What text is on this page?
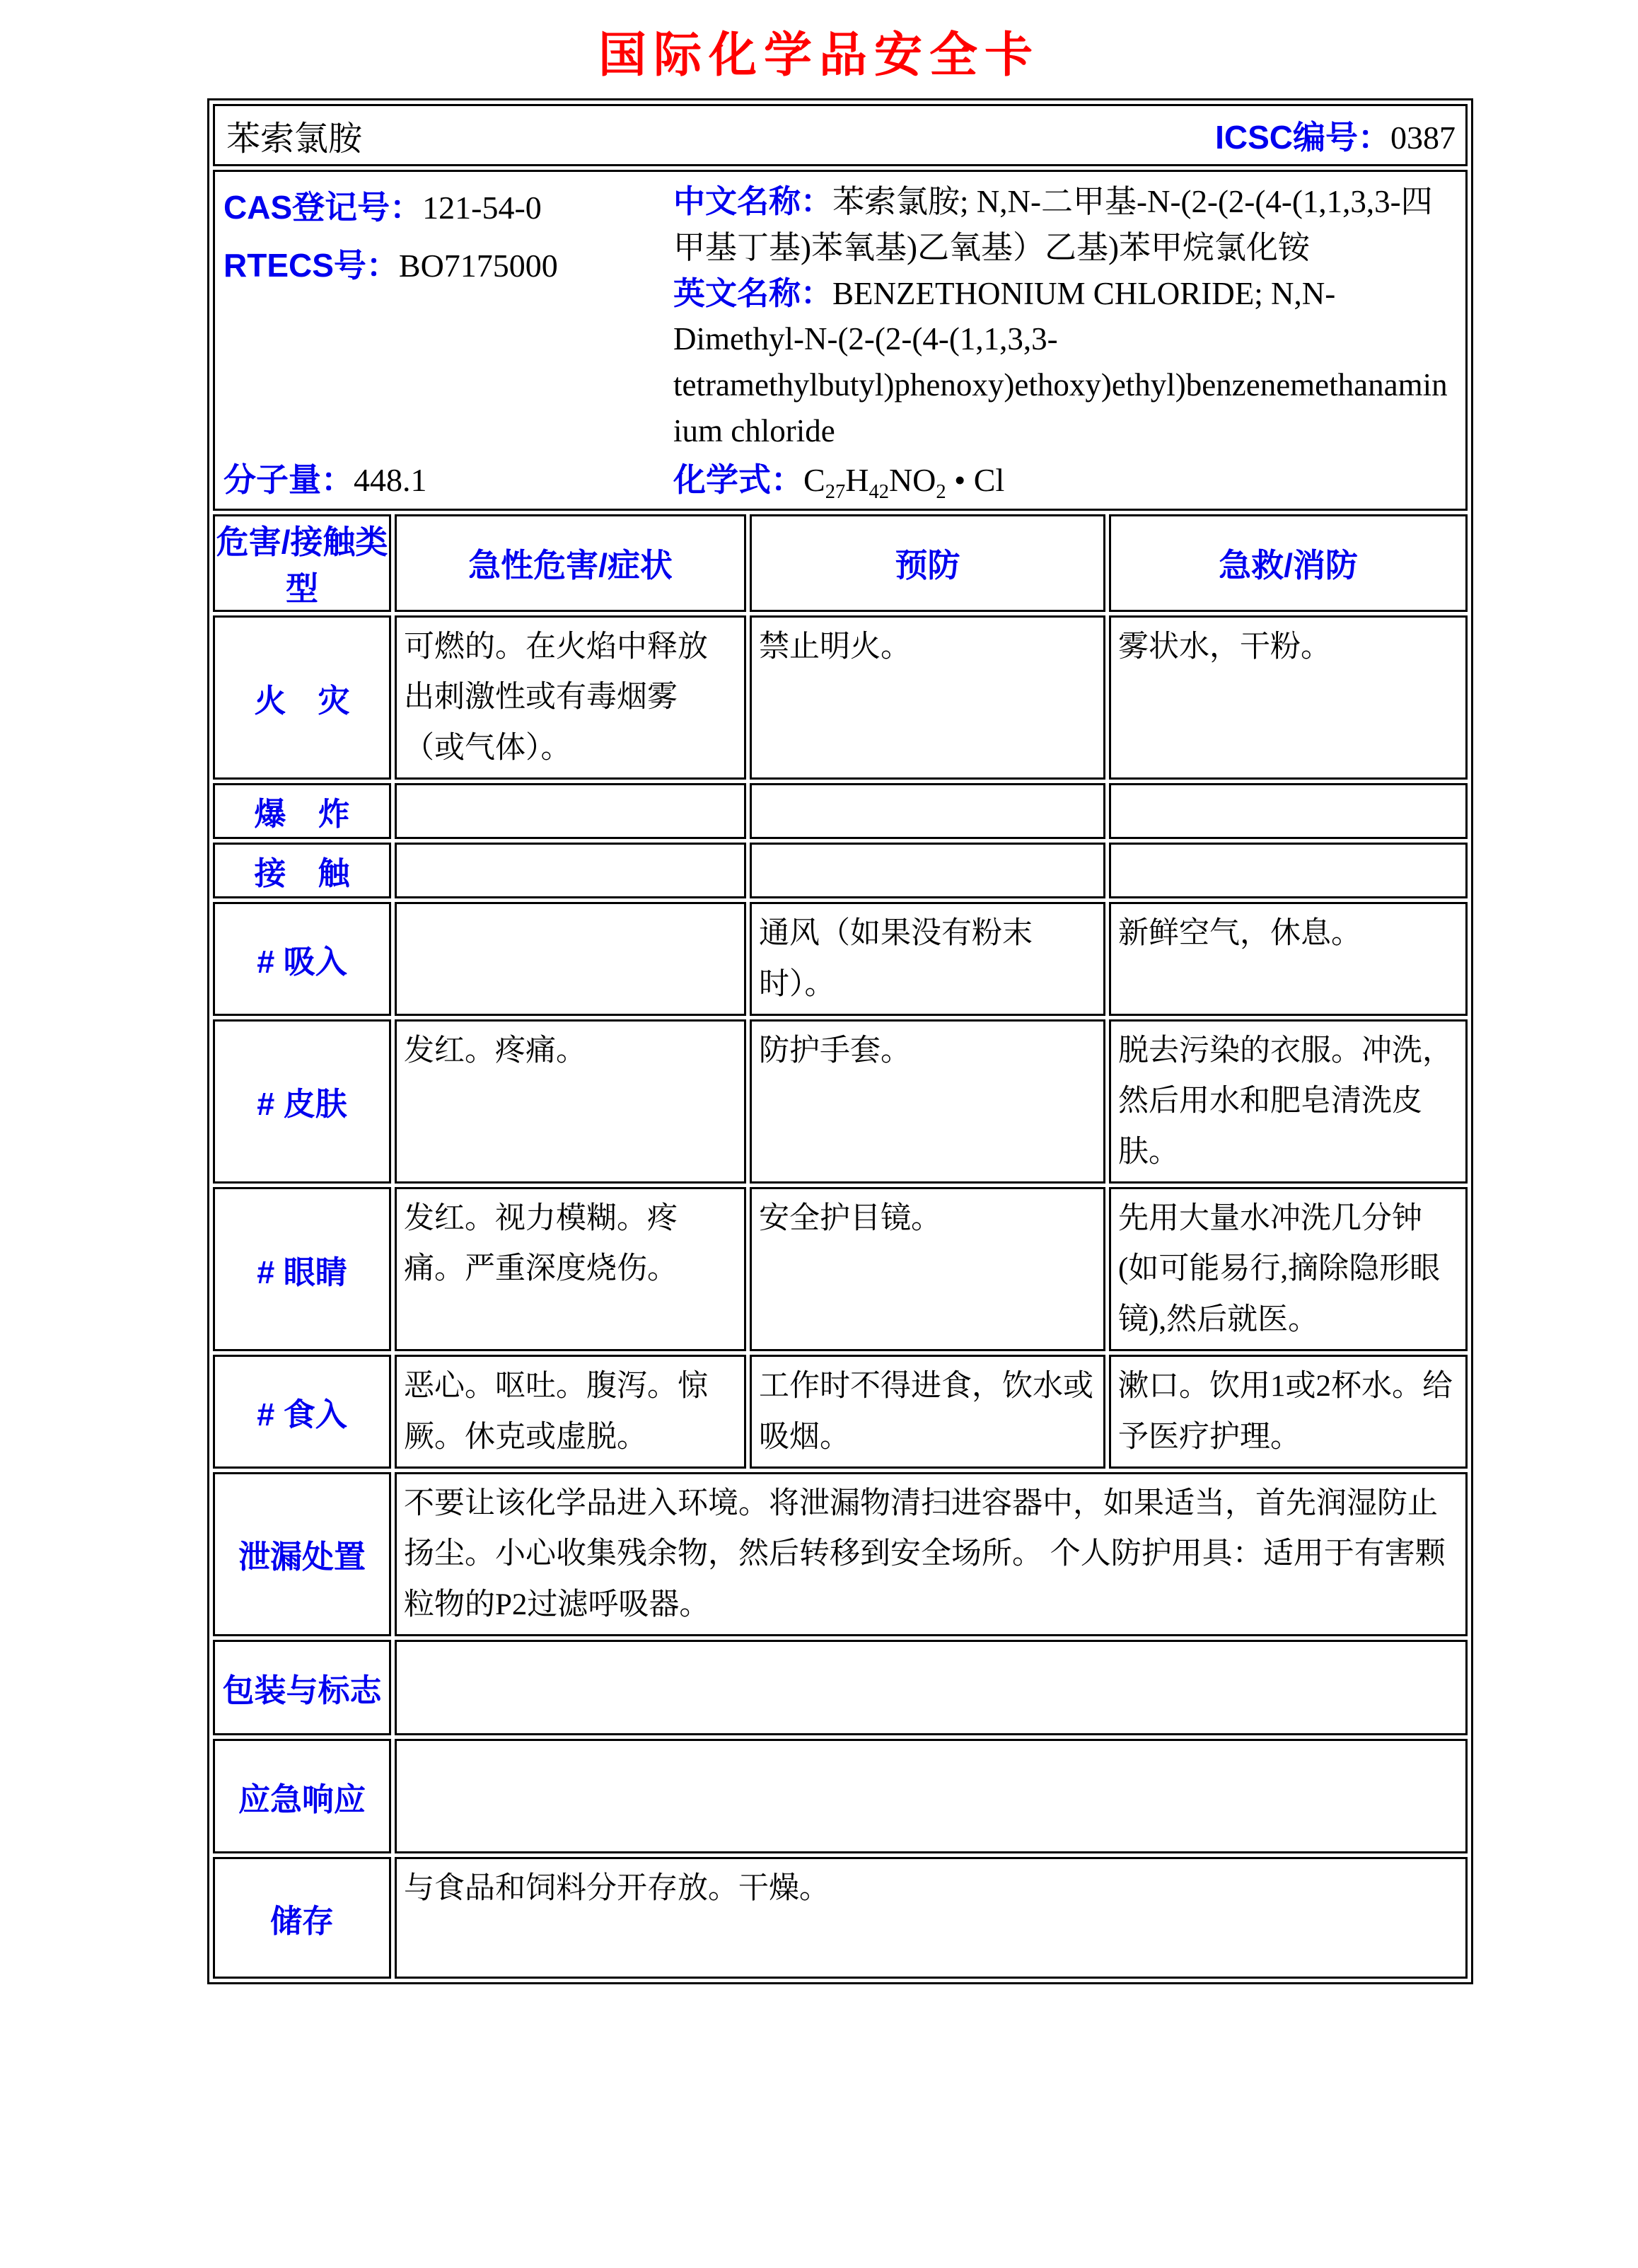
国际化学品安全卡
苯索氯胺 ICSC编号：0387			

CAS登记号：121-54-0
RTECS号：BO7175000

中文名称：苯索氯胺; N,N-二甲基-N-(2-(2-(4-(1,1,3,3-四甲基丁基)苯氧基)乙氧基）乙基)苯甲烷氯化铵

英文名称：BENZETHONIUM CHLORIDE; N,N-Dimethyl-N-(2-(2-(4-(1,1,3,3-tetramethylbutyl)phenoxy)ethoxy)ethyl)benzenemethanaminium chloride

分子量：448.1	化学式：$C_{27}H_{42}NO_2$ • Cl

危害/接触类型	急性危害/症状	预防	急救/消防
火　灾	可燃的。在火焰中释放出刺激性或有毒烟雾（或气体）。	禁止明火。	雾状水，干粉。
爆　炸			
接　触			
# 吸入		通风（如果没有粉末时）。	新鲜空气，休息。
# 皮肤	发红。疼痛。	防护手套。	脱去污染的衣服。冲洗，然后用水和肥皂清洗皮肤。
# 眼睛	发红。视力模糊。疼痛。严重深度烧伤。	安全护目镜。	先用大量水冲洗几分钟(如可能易行,摘除隐形眼镜),然后就医。
# 食入	恶心。呕吐。腹泻。惊厥。休克或虚脱。	工作时不得进食，饮水或吸烟。	漱口。饮用1或2杯水。给予医疗护理。
泄漏处置	不要让该化学品进入环境。将泄漏物清扫进容器中，如果适当，首先润湿防止扬尘。小心收集残余物，然后转移到安全场所。 个人防护用具：适用于有害颗粒物的P2过滤呼吸器。		
包装与标志			
应急响应			
储存	与食品和饲料分开存放。干燥。		
